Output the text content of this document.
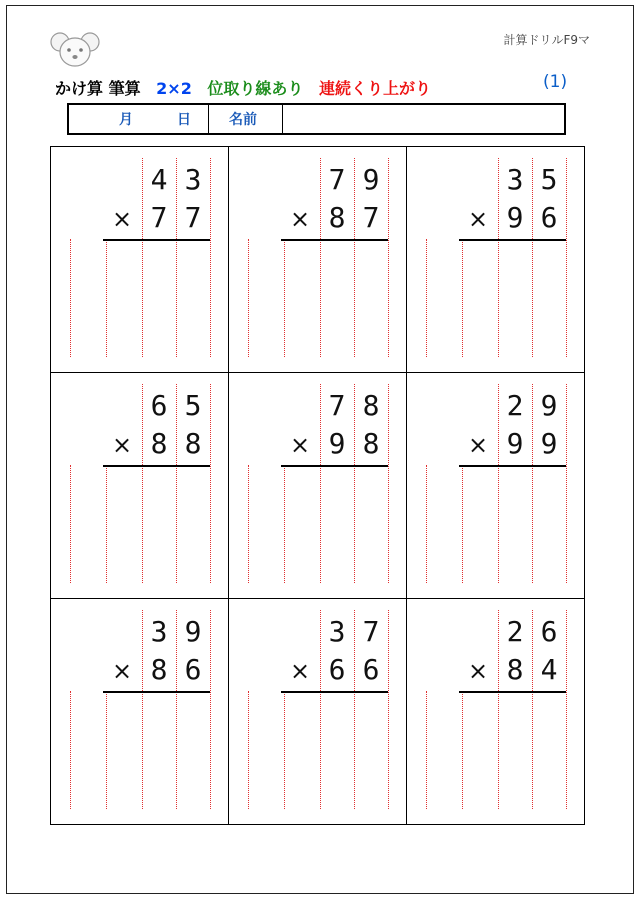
計算ドリルF9マ
かけ算 筆算 2×2 位取り線あり 連続くり上がり	(1)
月	日	名前
4 3
7 7
×
7 9
8 7
×
3 5
9 6
×
6 5
8 8
×
7 8
9 8
×
2 9
9 9
×
3 9
8 6
×
3 7
6 6
×
2 6
8 4
×
